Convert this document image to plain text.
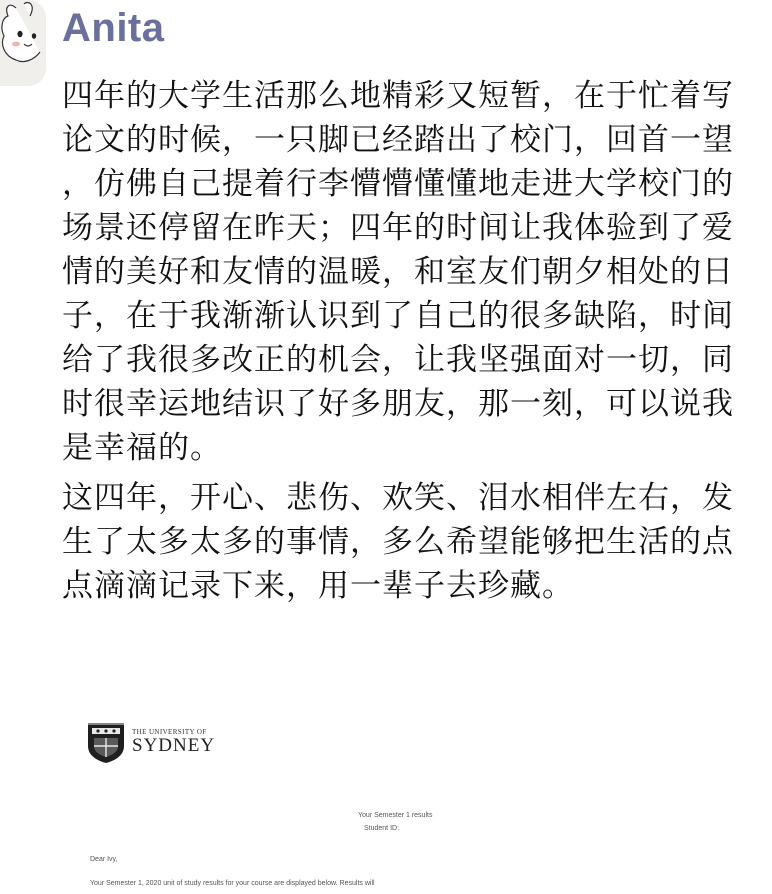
Anita

四年的大学生活那么地精彩又短暂，在于忙着写论文的时候，一只脚已经踏出了校门，回首一望，仿佛自己提着行李懵懵懂懂地走进大学校门的场景还停留在昨天；四年的时间让我体验到了爱情的美好和友情的温暖，和室友们朝夕相处的日子，在于我渐渐认识到了自己的很多缺陷，时间给了我很多改正的机会，让我坚强面对一切，同时很幸运地结识了好多朋友，那一刻，可以说我是幸福的。

这四年，开心、悲伤、欢笑、泪水相伴左右，发生了太多太多的事情，多么希望能够把生活的点点滴滴记录下来，用一辈子去珍藏。

THE UNIVERSITY OF
SYDNEY
Your Semester 1 results
Student ID:
Dear Ivy,
Your Semester 1, 2020 unit of study results for your course are displayed below. Results will
